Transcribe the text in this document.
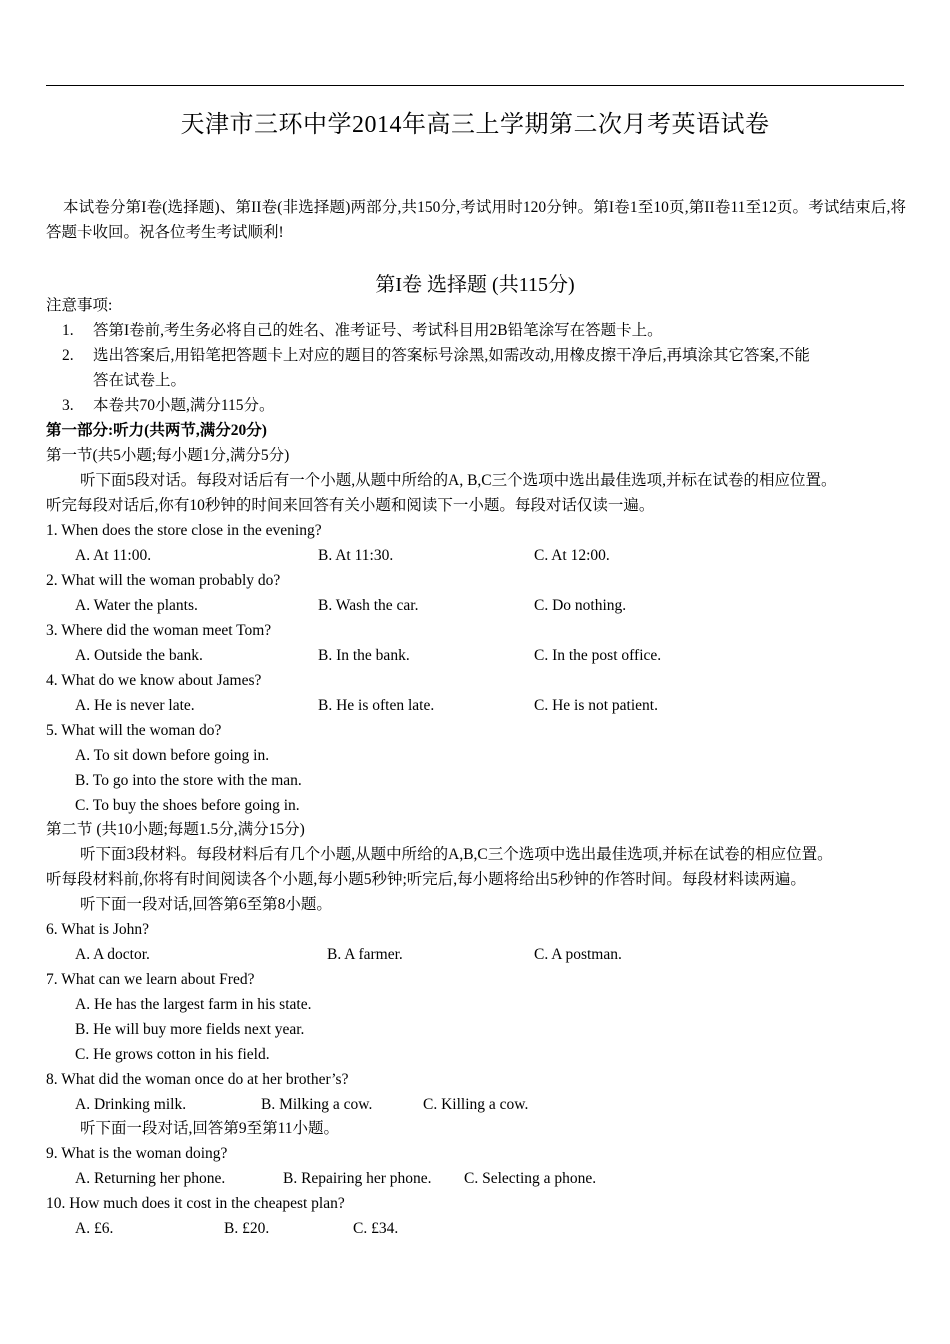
天津市三环中学2014年高三上学期第二次月考英语试卷
本试卷分第I卷(选择题)、第II卷(非选择题)两部分,共150分,考试用时120分钟。第I卷1至10页,第II卷11至12页。考试结束后,将答题卡收回。祝各位考生考试顺利!
第I卷 选择题 (共115分)
注意事项:
1. 答第I卷前,考生务必将自己的姓名、准考证号、考试科目用2B铅笔涂写在答题卡上。
2. 选出答案后,用铅笔把答题卡上对应的题目的答案标号涂黑,如需改动,用橡皮擦干净后,再填涂其它答案,不能
答在试卷上。
3. 本卷共70小题,满分115分。
第一部分:听力(共两节,满分20分)
第一节(共5小题;每小题1分,满分5分)
听下面5段对话。每段对话后有一个小题,从题中所给的A, B,C三个选项中选出最佳选项,并标在试卷的相应位置。
听完每段对话后,你有10秒钟的时间来回答有关小题和阅读下一小题。每段对话仅读一遍。
1. When does the store close in the evening?
A. At 11:00.	B. At 11:30.	C. At 12:00.
2. What will the woman probably do?
A. Water the plants.	B. Wash the car.	C. Do nothing.
3. Where did the woman meet Tom?
A. Outside the bank.	B. In the bank.	C. In the post office.
4. What do we know about James?
A. He is never late.	B. He is often late.	C. He is not patient.
5. What will the woman do?
A. To sit down before going in.
B. To go into the store with the man.
C. To buy the shoes before going in.
第二节 (共10小题;每题1.5分,满分15分)
听下面3段材料。每段材料后有几个小题,从题中所给的A,B,C三个选项中选出最佳选项,并标在试卷的相应位置。
听每段材料前,你将有时间阅读各个小题,每小题5秒钟;听完后,每小题将给出5秒钟的作答时间。每段材料读两遍。
听下面一段对话,回答第6至第8小题。
6. What is John?
A. A doctor.	B. A farmer.	C. A postman.
7. What can we learn about Fred?
A. He has the largest farm in his state.
B. He will buy more fields next year.
C. He grows cotton in his field.
8. What did the woman once do at her brother’s?
A. Drinking milk.	B. Milking a cow.	C. Killing a cow.
听下面一段对话,回答第9至第11小题。
9. What is the woman doing?
A. Returning her phone.	B. Repairing her phone. C. Selecting a phone.
10. How much does it cost in the cheapest plan?
A. £6.	B. £20.	C. £34.
